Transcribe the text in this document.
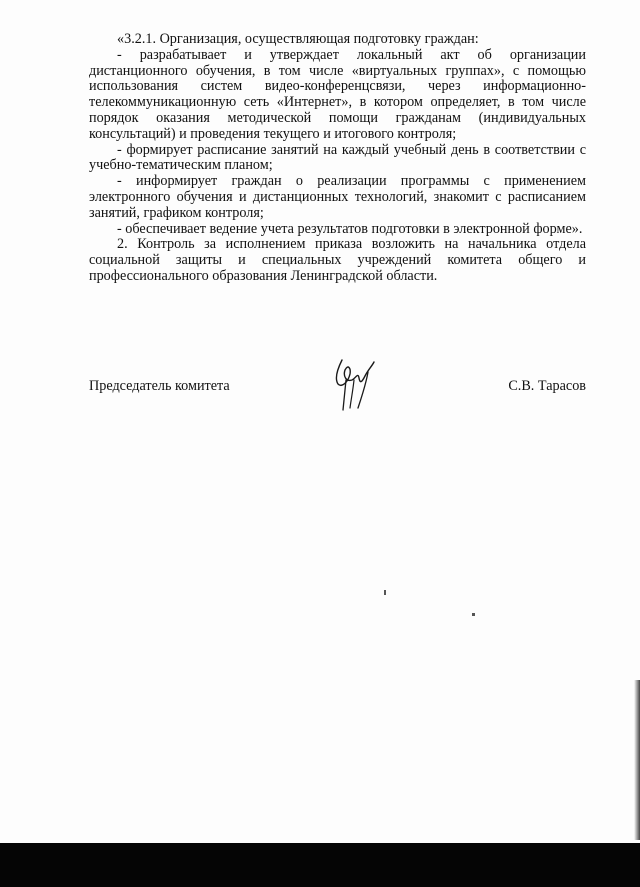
«3.2.1. Организация, осуществляющая подготовку граждан:

- разрабатывает и утверждает локальный акт об организации дистанционного обучения, в том числе «виртуальных группах», с помощью использования систем видео-конференцсвязи, через информационно-телекоммуникационную сеть «Интернет», в котором определяет, в том числе порядок оказания методической помощи гражданам (индивидуальных консультаций) и проведения текущего и итогового контроля;

- формирует расписание занятий на каждый учебный день в соответствии с учебно-тематическим планом;

- информирует граждан о реализации программы с применением электронного обучения и дистанционных технологий, знакомит с расписанием занятий, графиком контроля;

- обеспечивает ведение учета результатов подготовки в электронной форме».

2. Контроль за исполнением приказа возложить на начальника отдела социальной защиты и специальных учреждений комитета общего и профессионального образования Ленинградской области.

Председатель комитета	С.В. Тарасов
